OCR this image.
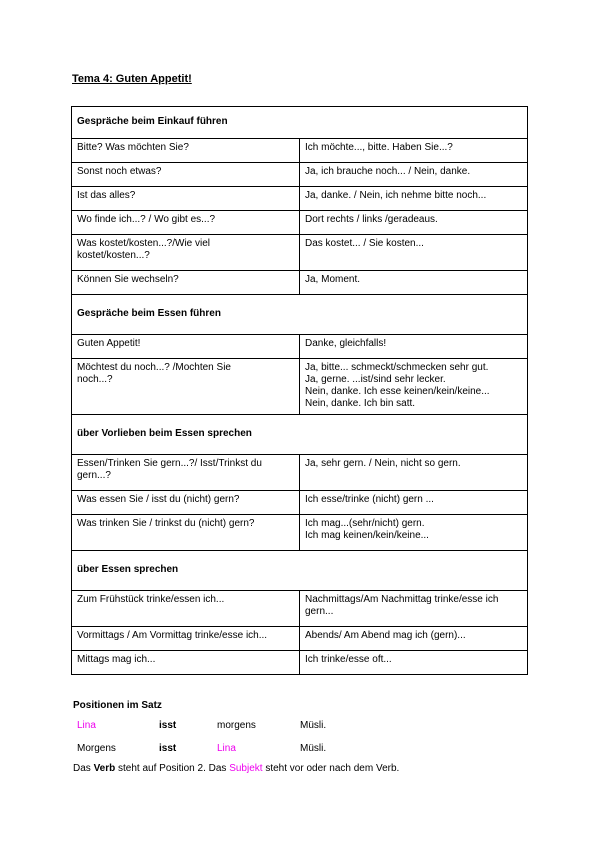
Tema 4: Guten Appetit!
Gespräche beim Einkauf führen	
Bitte? Was möchten Sie?	Ich möchte..., bitte. Haben Sie...?
Sonst noch etwas?	Ja, ich brauche noch... / Nein, danke.
Ist das alles?	Ja, danke. / Nein, ich nehme bitte noch...
Wo finde ich...? / Wo gibt es...?	Dort rechts / links /geradeaus.
Was kostet/kosten...?/Wie viel
kostet/kosten...?	Das kostet... / Sie kosten...
Können Sie wechseln?	Ja, Moment.
Gespräche beim Essen führen	
Guten Appetit!	Danke, gleichfalls!
Möchtest du noch...? /Mochten Sie
noch...?	Ja, bitte... schmeckt/schmecken sehr gut.
Ja, gerne. ...ist/sind sehr lecker.
Nein, danke. Ich esse keinen/kein/keine...
Nein, danke. Ich bin satt.
über Vorlieben beim Essen sprechen	
Essen/Trinken Sie gern...?/ Isst/Trinkst du
gern...?	Ja, sehr gern. / Nein, nicht so gern.
Was essen Sie / isst du (nicht) gern?	Ich esse/trinke (nicht) gern ...
Was trinken Sie / trinkst du (nicht) gern?	Ich mag...(sehr/nicht) gern.
Ich mag keinen/kein/keine...
über Essen sprechen	
Zum Frühstück trinke/essen ich...	Nachmittags/Am Nachmittag trinke/esse ich
gern...
Vormittags / Am Vormittag trinke/esse ich...	Abends/ Am Abend mag ich (gern)...
Mittags mag ich...	Ich trinke/esse oft...
Positionen im Satz
Lina	isst	morgens	Müsli.
Morgens	isst	Lina	Müsli.
Das Verb steht auf Position 2. Das Subjekt steht vor oder nach dem Verb.
